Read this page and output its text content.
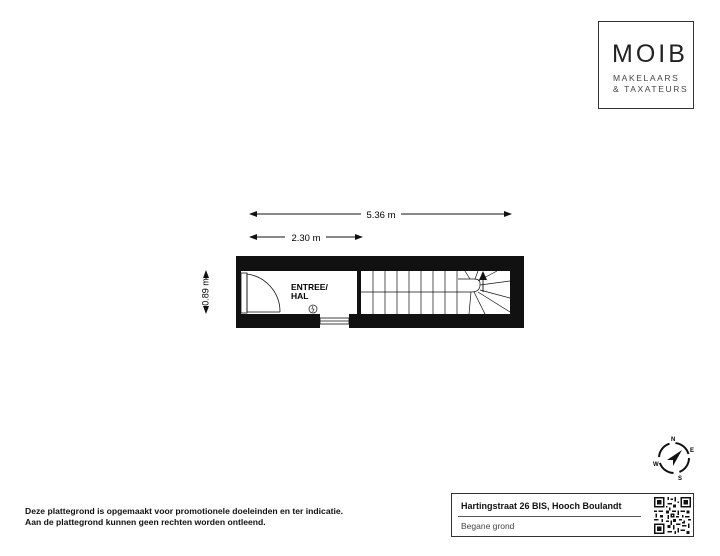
MOIB
MAKELAARS
& TAXATEURS
5.36 m
2.30 m
0.89 m	ENTREE/
HAL
N
E
S
W
Deze plattegrond is opgemaakt voor promotionele doeleinden en ter indicatie.
Aan de plattegrond kunnen geen rechten worden ontleend.
Hartingstraat 26 BIS, Hooch Boulandt
Begane grond
